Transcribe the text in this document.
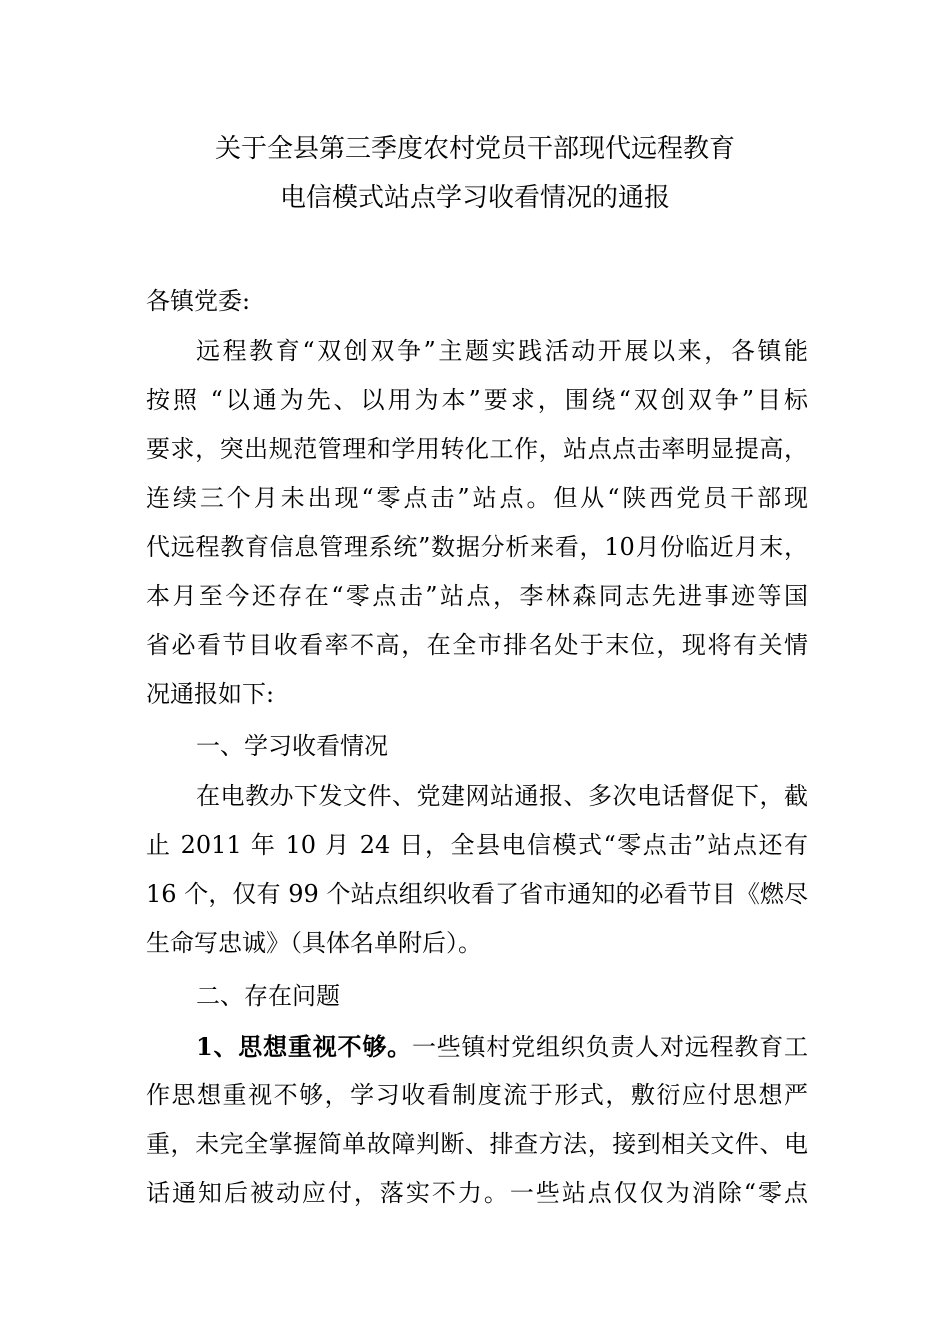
关于全县第三季度农村党员干部现代远程教育
电信模式站点学习收看情况的通报
各镇党委:
远程教育“双创双争”主题实践活动开展以来，各镇能
按照 “以通为先、以用为本”要求，围绕“双创双争”目标
要求，突出规范管理和学用转化工作，站点点击率明显提高，
连续三个月未出现“零点击”站点。但从“陕西党员干部现
代远程教育信息管理系统”数据分析来看，10月份临近月末，
本月至今还存在“零点击”站点，李林森同志先进事迹等国
省必看节目收看率不高，在全市排名处于末位，现将有关情
况通报如下:
一、学习收看情况
在电教办下发文件、党建网站通报、多次电话督促下，截
止 2011 年 10 月 24 日，全县电信模式“零点击”站点还有
16 个，仅有 99 个站点组织收看了省市通知的必看节目《燃尽
生命写忠诚》（具体名单附后）。
二、存在问题
1、思想重视不够。一些镇村党组织负责人对远程教育工
作思想重视不够，学习收看制度流于形式，敷衍应付思想严
重，未完全掌握简单故障判断、排查方法，接到相关文件、电
话通知后被动应付，落实不力。一些站点仅仅为消除“零点
